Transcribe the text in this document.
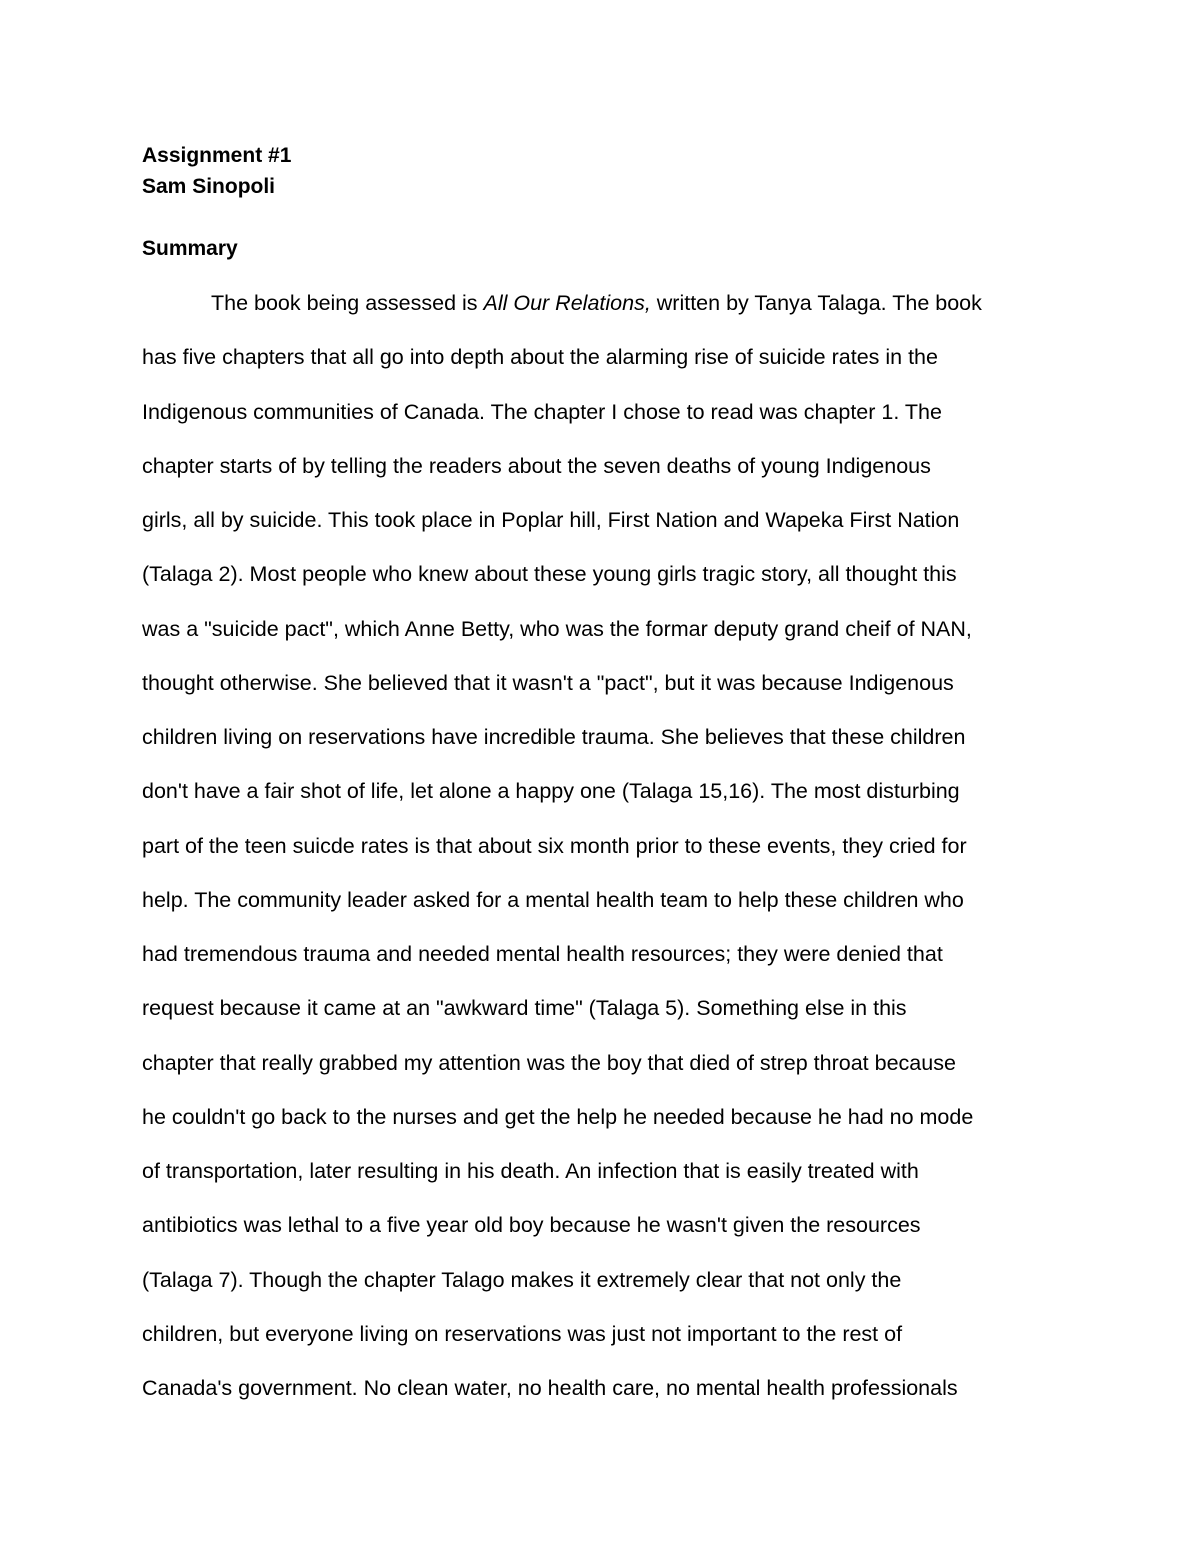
Assignment #1
Sam Sinopoli
Summary
The book being assessed is All Our Relations, written by Tanya Talaga. The book
has five chapters that all go into depth about the alarming rise of suicide rates in the
Indigenous communities of Canada. The chapter I chose to read was chapter 1. The
chapter starts of by telling the readers about the seven deaths of young Indigenous
girls, all by suicide. This took place in Poplar hill, First Nation and Wapeka First Nation
(Talaga 2). Most people who knew about these young girls tragic story, all thought this
was a "suicide pact", which Anne Betty, who was the formar deputy grand cheif of NAN,
thought otherwise. She believed that it wasn't a "pact", but it was because Indigenous
children living on reservations have incredible trauma. She believes that these children
don't have a fair shot of life, let alone a happy one (Talaga 15,16). The most disturbing
part of the teen suicde rates is that about six month prior to these events, they cried for
help. The community leader asked for a mental health team to help these children who
had tremendous trauma and needed mental health resources; they were denied that
request because it came at an "awkward time" (Talaga 5). Something else in this
chapter that really grabbed my attention was the boy that died of strep throat because
he couldn't go back to the nurses and get the help he needed because he had no mode
of transportation, later resulting in his death. An infection that is easily treated with
antibiotics was lethal to a five year old boy because he wasn't given the resources
(Talaga 7). Though the chapter Talago makes it extremely clear that not only the
children, but everyone living on reservations was just not important to the rest of
Canada's government. No clean water, no health care, no mental health professionals
